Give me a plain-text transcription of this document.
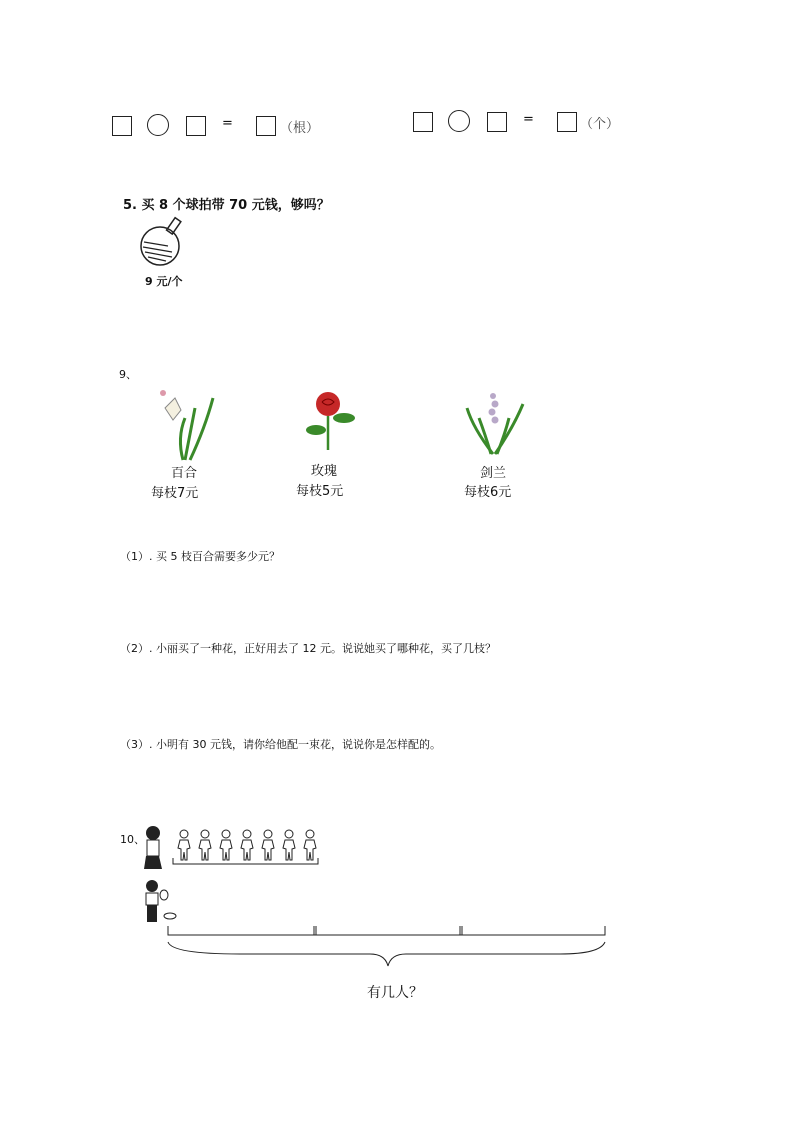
=	（根）
=	（个）
5. 买 8 个球拍带 70 元钱，够吗？
9 元/个
9、
百合
每枝7元
玫瑰
每枝5元
剑兰
每枝6元
（1）. 买 5 枝百合需要多少元？
（2）. 小丽买了一种花，正好用去了 12 元。说说她买了哪种花，买了几枝？
（3）. 小明有 30 元钱，请你给他配一束花，说说你是怎样配的。
10、
有几人？
